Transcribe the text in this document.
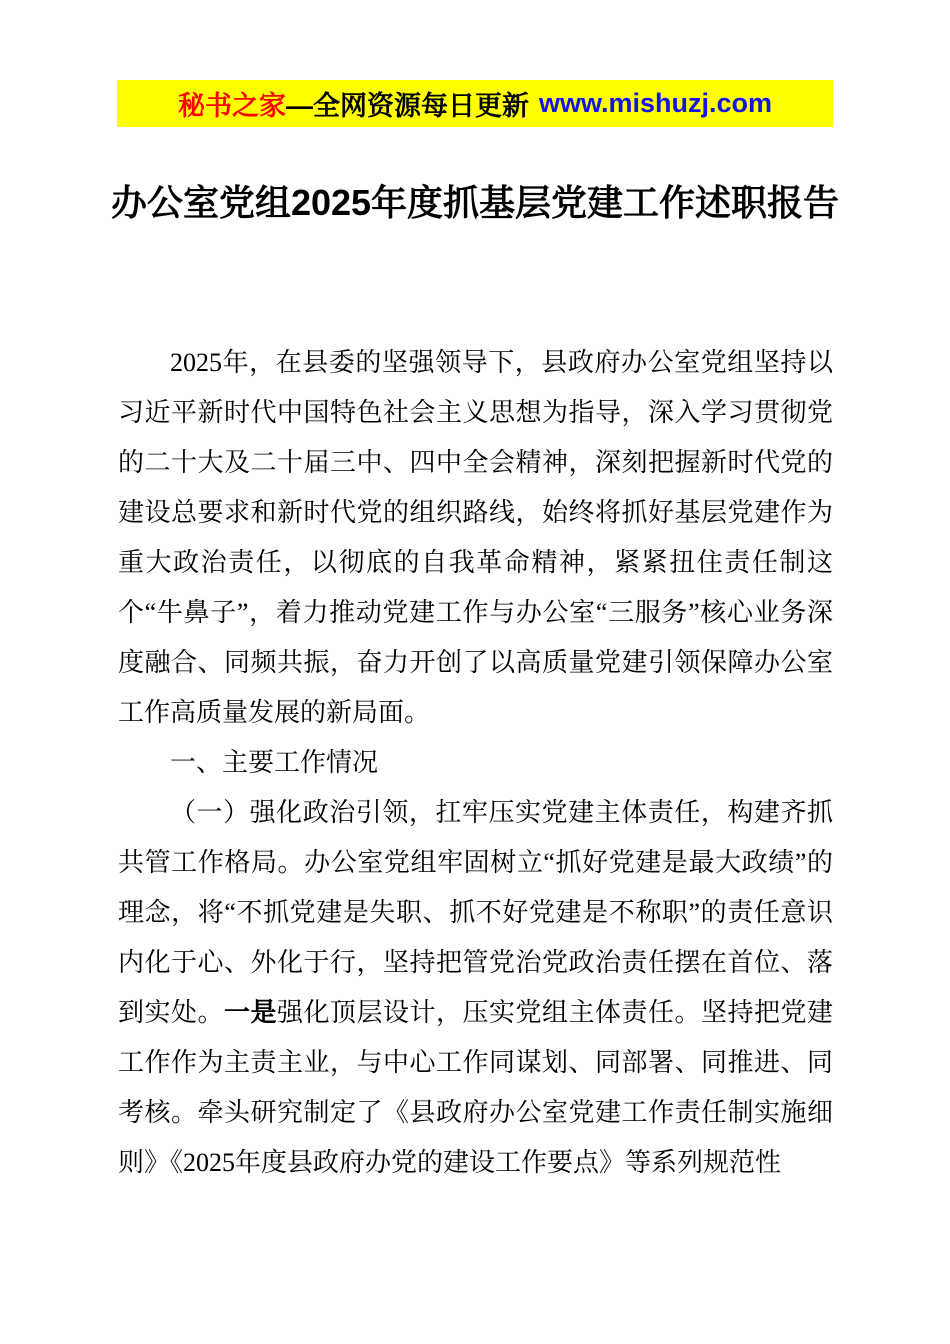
秘书之家 —全网资源每日更新 www.mishuzj.com
办公室党组2025年度抓基层党建工作述职报告

2025年，在县委的坚强领导下，县政府办公室党组坚持以习近平新时代中国特色社会主义思想为指导，深入学习贯彻党的二十大及二十届三中、四中全会精神，深刻把握新时代党的建设总要求和新时代党的组织路线，始终将抓好基层党建作为重大政治责任，以彻底的自我革命精神，紧紧扭住责任制这个“牛鼻子”，着力推动党建工作与办公室“三服务”核心业务深度融合、同频共振，奋力开创了以高质量党建引领保障办公室工作高质量发展的新局面。

一、主要工作情况

（一）强化政治引领，扛牢压实党建主体责任，构建齐抓共管工作格局。办公室党组牢固树立“抓好党建是最大政绩”的理念，将“不抓党建是失职、抓不好党建是不称职”的责任意识内化于心、外化于行，坚持把管党治党政治责任摆在首位、落到实处。一是强化顶层设计，压实党组主体责任。坚持把党建工作作为主责主业，与中心工作同谋划、同部署、同推进、同考核。牵头研究制定了《县政府办公室党建工作责任制实施细则》《2025年度县政府办党的建设工作要点》等系列规范性
